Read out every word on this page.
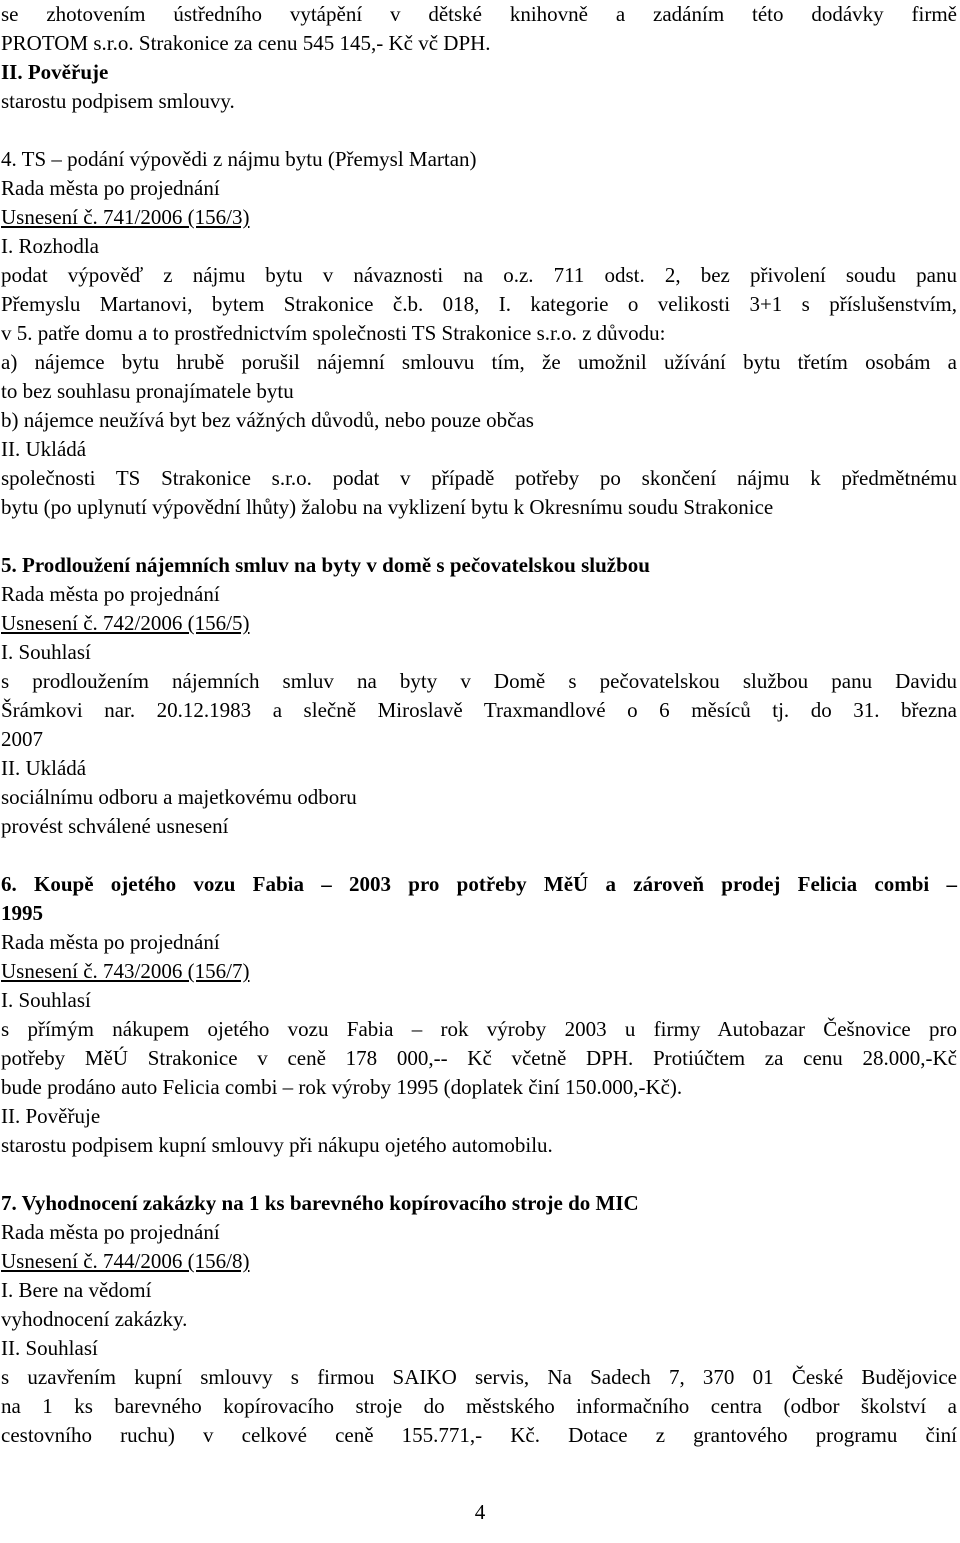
se zhotovením ústředního vytápění v dětské knihovně a zadáním této dodávky firmě
PROTOM s.r.o. Strakonice za cenu 545 145,- Kč vč DPH.
II. Pověřuje
starostu podpisem smlouvy.
4. TS – podání výpovědi z nájmu bytu (Přemysl Martan)
Rada města po projednání
Usnesení č. 741/2006 (156/3)
I. Rozhodla
podat výpověď z nájmu bytu v návaznosti na o.z. 711 odst. 2, bez přivolení soudu panu
Přemyslu Martanovi, bytem Strakonice č.b. 018, I. kategorie o velikosti 3+1 s příslušenstvím,
v 5. patře domu a to prostřednictvím společnosti TS Strakonice s.r.o. z důvodu:
a) nájemce bytu hrubě porušil nájemní smlouvu tím, že umožnil užívání bytu třetím osobám a
to bez souhlasu pronajímatele bytu
b) nájemce neužívá byt bez vážných důvodů, nebo pouze občas
II. Ukládá
společnosti TS Strakonice s.r.o. podat v případě potřeby po skončení nájmu k předmětnému
bytu (po uplynutí výpovědní lhůty) žalobu na vyklizení bytu k Okresnímu soudu Strakonice
5. Prodloužení nájemních smluv na byty v domě s pečovatelskou službou
Rada města po projednání
Usnesení č. 742/2006 (156/5)
I. Souhlasí
s prodloužením nájemních smluv na byty v Domě s pečovatelskou službou panu Davidu
Šrámkovi nar. 20.12.1983 a slečně Miroslavě Traxmandlové o 6 měsíců tj. do 31. března
2007
II. Ukládá
sociálnímu odboru a majetkovému odboru
provést schválené usnesení
6. Koupě ojetého vozu Fabia – 2003 pro potřeby MěÚ a zároveň prodej Felicia combi –
1995
Rada města po projednání
Usnesení č. 743/2006 (156/7)
I. Souhlasí
s přímým nákupem ojetého vozu Fabia – rok výroby 2003 u firmy Autobazar Češnovice pro
potřeby MěÚ Strakonice v ceně 178 000,-- Kč včetně DPH. Protiúčtem za cenu 28.000,-Kč
bude prodáno auto Felicia combi – rok výroby 1995 (doplatek činí 150.000,-Kč).
II. Pověřuje
starostu podpisem kupní smlouvy při nákupu ojetého automobilu.
7. Vyhodnocení zakázky na 1 ks barevného kopírovacího stroje do MIC
Rada města po projednání
Usnesení č. 744/2006 (156/8)
I. Bere na vědomí
vyhodnocení zakázky.
II. Souhlasí
s uzavřením kupní smlouvy s firmou SAIKO servis, Na Sadech 7, 370 01 České Budějovice
na 1 ks barevného kopírovacího stroje do městského informačního centra (odbor školství a
cestovního ruchu) v celkové ceně 155.771,- Kč. Dotace z grantového programu činí
4
